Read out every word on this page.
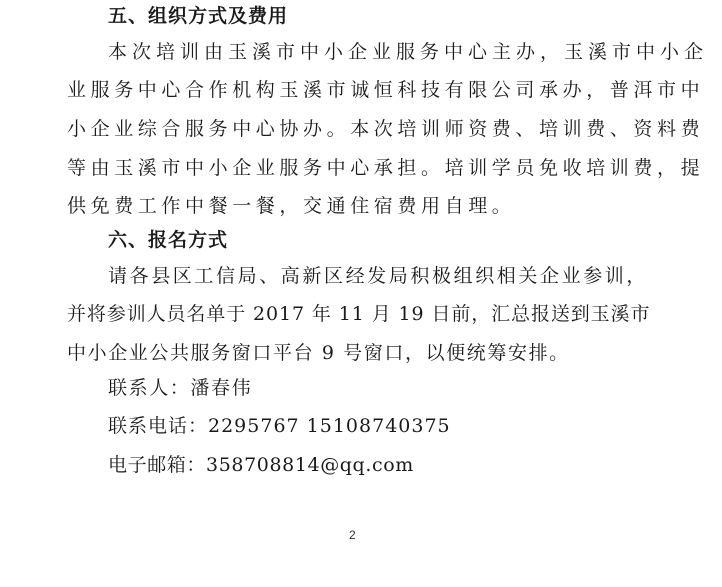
五、组织方式及费用
本次培训由玉溪市中小企业服务中心主办，玉溪市中小企
业服务中心合作机构玉溪市诚恒科技有限公司承办，普洱市中
小企业综合服务中心协办。本次培训师资费、培训费、资料费
等由玉溪市中小企业服务中心承担。培训学员免收培训费，提
供免费工作中餐一餐，交通住宿费用自理。
六、报名方式
请各县区工信局、高新区经发局积极组织相关企业参训，
并将参训人员名单于 2017 年 11 月 19 日前，汇总报送到玉溪市
中小企业公共服务窗口平台 9 号窗口，以便统筹安排。
联系人：潘春伟
联系电话：2295767 15108740375
电子邮箱：358708814@qq.com
2
